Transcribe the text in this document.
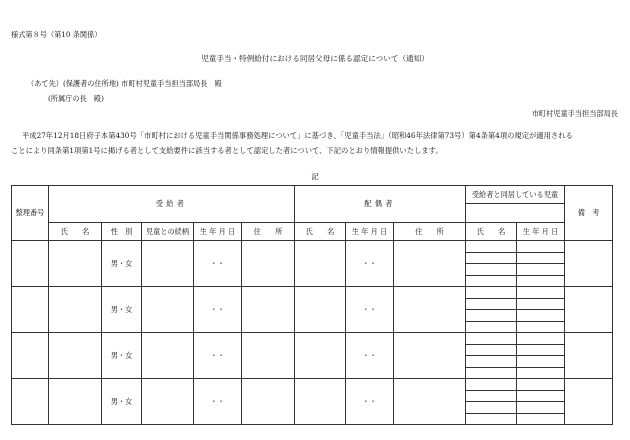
様式第８号（第10 条関係）
児童手当・特例給付における同居父母に係る認定について（通知）
（あて先）(保護者の住所地) 市町村児童手当担当部局長　殿
(所属庁の長　殿)
市町村児童手当担当部局長
平成27年12月18日府子本第430号「市町村における児童手当関係事務処理について」に基づき、「児童手当法」（昭和46年法律第73号）第4条第4項の規定が適用される
ことにより同条第1項第1号に掲げる者として支給要件に該当する者として認定した者について、下記のとおり情報提供いたします。
記
整理番号	受給者					配偶者			受給者と同居している児童		備　考

	氏　　名	性　別	児童との続柄	生 年 月 日	住　　所	氏　　名	生 年 月 日	住　　所	氏　　名	生 年 月 日	
		男・女		・・			・・				

		男・女		・・			・・				

		男・女		・・			・・				

		男・女		・・			・・				
